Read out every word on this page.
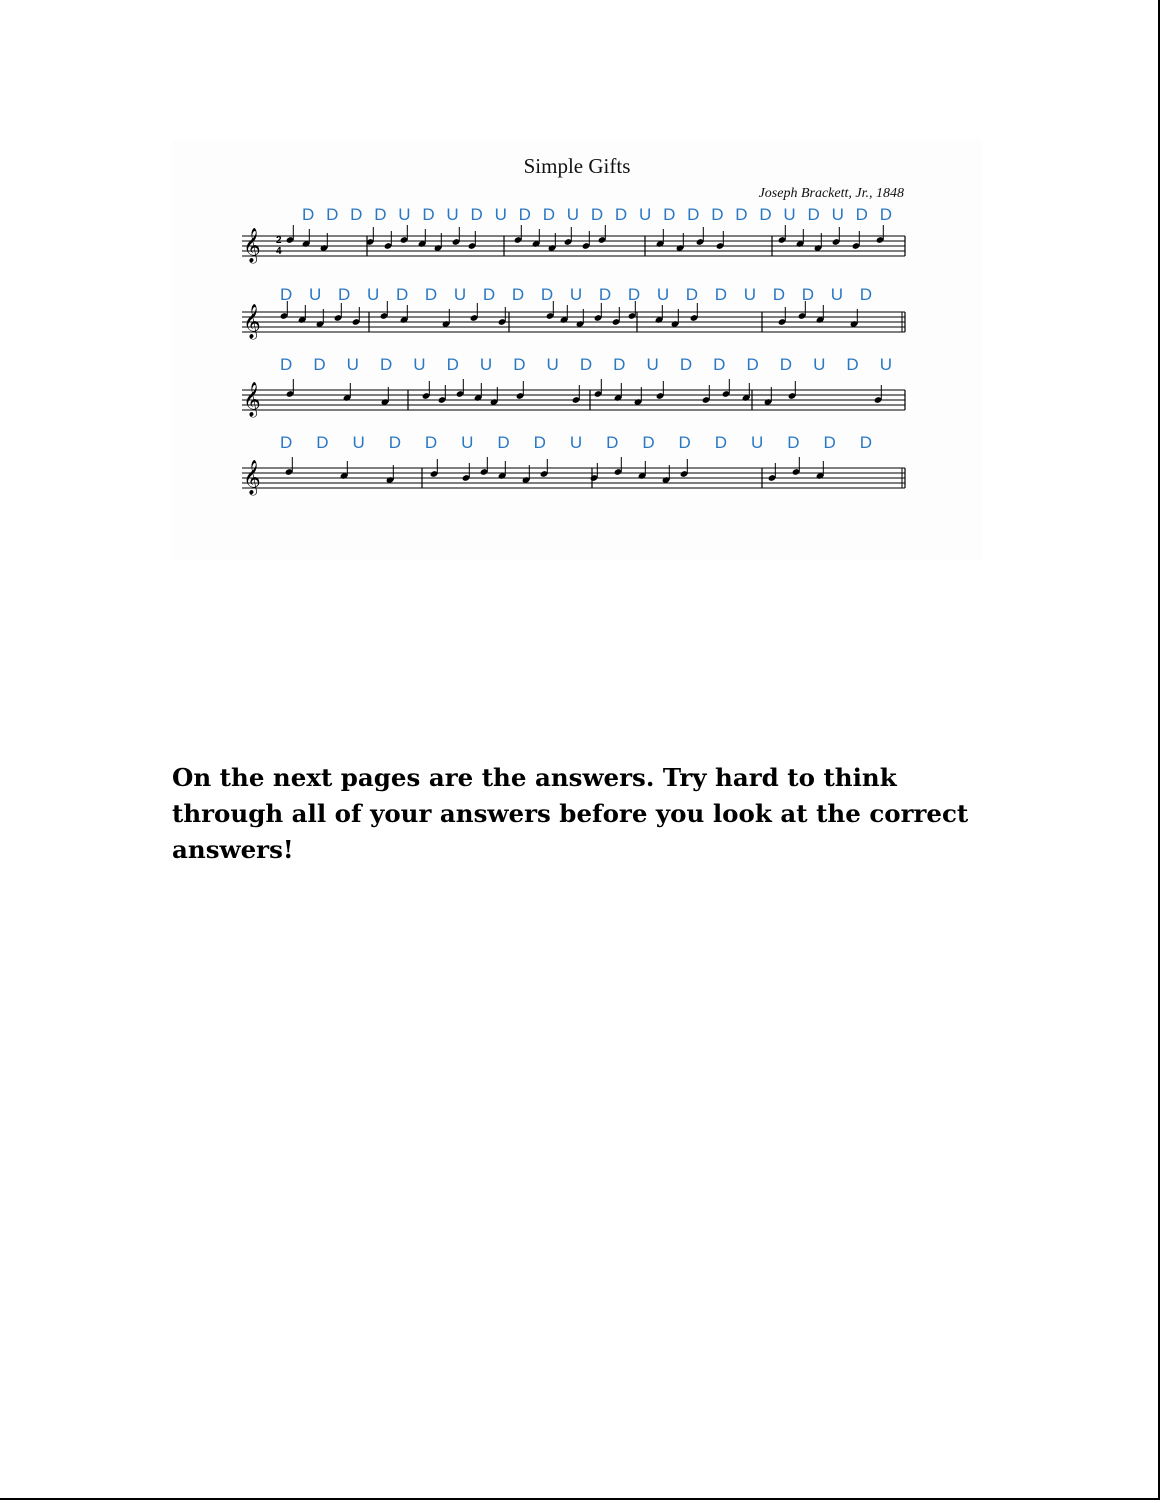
Simple Gifts
Joseph Brackett, Jr., 1848
D D D D U D U D U D D U D D U D D D D D U D U D D
D U D U D D U D D D U D D U D D U D D U D
D D U D U D U D U D D U D D D D U D U
D D U D D U D D U D D D D U D D D
𝄞
𝄞
𝄞
𝄞
2
4

On the next pages are the answers. Try hard to think through all of your answers before you look at the correct answers!
